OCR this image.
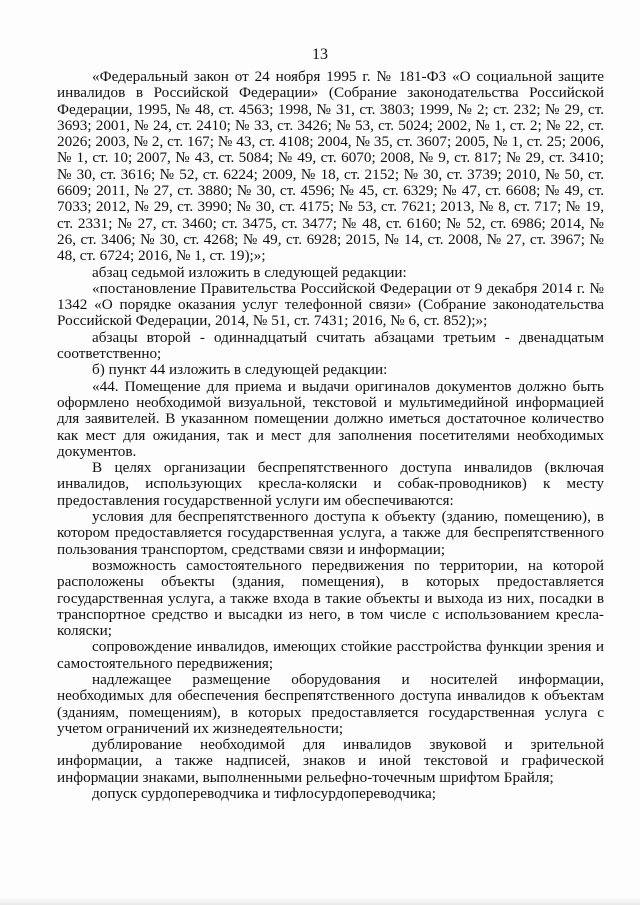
13

«Федеральный закон от 24 ноября 1995 г. № 181-ФЗ «О социальной защите инвалидов в Российской Федерации» (Собрание законодательства Российской Федерации, 1995, № 48, ст. 4563; 1998, № 31, ст. 3803; 1999, № 2; ст. 232; № 29, ст. 3693; 2001, № 24, ст. 2410; № 33, ст. 3426; № 53, ст. 5024; 2002, № 1, ст. 2; № 22, ст. 2026; 2003, № 2, ст. 167; № 43, ст. 4108; 2004, № 35, ст. 3607; 2005, № 1, ст. 25; 2006, № 1, ст. 10; 2007, № 43, ст. 5084; № 49, ст. 6070; 2008, № 9, ст. 817; № 29, ст. 3410; № 30, ст. 3616; № 52, ст. 6224; 2009, № 18, ст. 2152; № 30, ст. 3739; 2010, № 50, ст. 6609; 2011, № 27, ст. 3880; № 30, ст. 4596; № 45, ст. 6329; № 47, ст. 6608; № 49, ст. 7033; 2012, № 29, ст. 3990; № 30, ст. 4175; № 53, ст. 7621; 2013, № 8, ст. 717; № 19, ст. 2331; № 27, ст. 3460; ст. 3475, ст. 3477; № 48, ст. 6160; № 52, ст. 6986; 2014, № 26, ст. 3406; № 30, ст. 4268; № 49, ст. 6928; 2015, № 14, ст. 2008, № 27, ст. 3967; № 48, ст. 6724; 2016, № 1, ст. 19);»;

абзац седьмой изложить в следующей редакции:

«постановление Правительства Российской Федерации от 9 декабря 2014 г. № 1342 «О порядке оказания услуг телефонной связи» (Собрание законодательства Российской Федерации, 2014, № 51, ст. 7431; 2016, № 6, ст. 852);»;

абзацы второй - одиннадцатый считать абзацами третьим - двенадцатым соответственно;

б) пункт 44 изложить в следующей редакции:

«44. Помещение для приема и выдачи оригиналов документов должно быть оформлено необходимой визуальной, текстовой и мультимедийной информацией для заявителей. В указанном помещении должно иметься достаточное количество как мест для ожидания, так и мест для заполнения посетителями необходимых документов.

В целях организации беспрепятственного доступа инвалидов (включая инвалидов, использующих кресла-коляски и собак-проводников) к месту предоставления государственной услуги им обеспечиваются:

условия для беспрепятственного доступа к объекту (зданию, помещению), в котором предоставляется государственная услуга, а также для беспрепятственного пользования транспортом, средствами связи и информации;

возможность самостоятельного передвижения по территории, на которой расположены объекты (здания, помещения), в которых предоставляется государственная услуга, а также входа в такие объекты и выхода из них, посадки в транспортное средство и высадки из него, в том числе с использованием кресла-коляски;

сопровождение инвалидов, имеющих стойкие расстройства функции зрения и самостоятельного передвижения;

надлежащее размещение оборудования и носителей информации, необходимых для обеспечения беспрепятственного доступа инвалидов к объектам (зданиям, помещениям), в которых предоставляется государственная услуга с учетом ограничений их жизнедеятельности;

дублирование необходимой для инвалидов звуковой и зрительной информации, а также надписей, знаков и иной текстовой и графической информации знаками, выполненными рельефно-точечным шрифтом Брайля;

допуск сурдопереводчика и тифлосурдопереводчика;
